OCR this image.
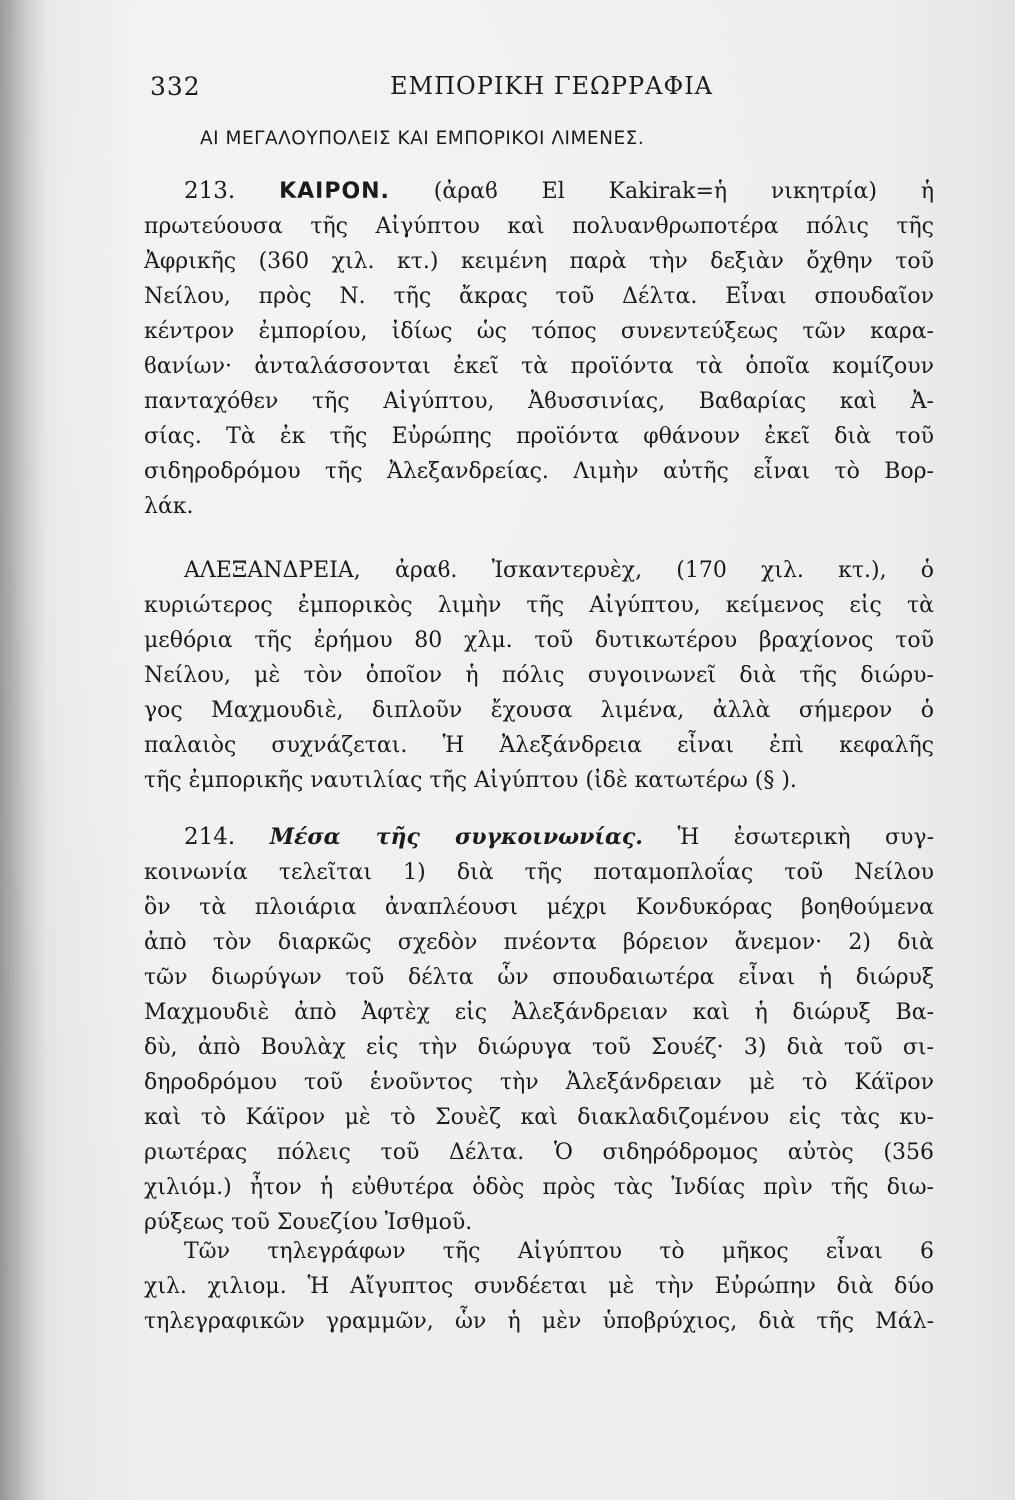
332	ΕΜΠΟΡΙΚΗ ΓΕΩΡΡΑΦΙΑ
ΑΙ ΜΕΓΑΛΟΥΠΟΛΕΙΣ ΚΑΙ ΕΜΠΟΡΙΚΟΙ ΛΙΜΕΝΕΣ.
213. ΚΑΙΡΟΝ. (ἀραϐ El Kakirak=ἡ νικητρία) ἡ
πρωτεύουσα τῆς Αἰγύπτου καὶ πολυανθρωποτέρα πόλις τῆς
Ἀφρικῆς (360 χιλ. κτ.) κειμένη παρὰ τὴν δεξιὰν ὄχθην τοῦ
Νείλου, πρὸς Ν. τῆς ἄκρας τοῦ Δέλτα. Εἶναι σπουδαῖον
κέντρον ἐμπορίου, ἰδίως ὡς τόπος συνεντεύξεως τῶν καρα-
ϐανίων· ἀνταλάσσονται ἐκεῖ τὰ προϊόντα τὰ ὁποῖα κομίζουν
πανταχόθεν τῆς Αἰγύπτου, Ἀϐυσσινίας, Βαϐαρίας καὶ Ἀ-
σίας. Τὰ ἐκ τῆς Εὐρώπης προϊόντα φθάνουν ἐκεῖ διὰ τοῦ
σιδηροδρόμου τῆς Ἀλεξανδρείας. Λιμὴν αὐτῆς εἶναι τὸ Βορ-
λάκ.
ΑΛΕΞΑΝΔΡΕΙΑ, ἀραϐ. Ἰσκαντερυὲχ, (170 χιλ. κτ.), ὁ
κυριώτερος ἐμπορικὸς λιμὴν τῆς Αἰγύπτου, κείμενος εἰς τὰ
μεθόρια τῆς ἐρήμου 80 χλμ. τοῦ δυτικωτέρου βραχίονος τοῦ
Νείλου, μὲ τὸν ὁποῖον ἡ πόλις συγοινωνεῖ διὰ τῆς διώρυ-
γος Μαχμουδιὲ, διπλοῦν ἔχουσα λιμένα, ἀλλὰ σήμερον ὁ
παλαιὸς συχνάζεται. Ἡ Ἀλεξάνδρεια εἶναι ἐπὶ κεφαλῆς
τῆς ἐμπορικῆς ναυτιλίας τῆς Αἰγύπτου (ἰδὲ κατωτέρω (§ ).
214. Μέσα τῆς συγκοινωνίας. Ἡ ἐσωτερικὴ συγ-
κοινωνία τελεῖται 1) διὰ τῆς ποταμοπλοΐας τοῦ Νείλου
ὃν τὰ πλοιάρια ἀναπλέουσι μέχρι Κονδυκόρας βοηθούμενα
ἀπὸ τὸν διαρκῶς σχεδὸν πνέοντα βόρειον ἄνεμον· 2) διὰ
τῶν διωρύγων τοῦ δέλτα ὧν σπουδαιωτέρα εἶναι ἡ διώρυξ
Μαχμουδιὲ ἀπὸ Ἀφτὲχ εἰς Ἀλεξάνδρειαν καὶ ἡ διώρυξ Βα-
δὺ, ἀπὸ Βουλὰχ εἰς τὴν διώρυγα τοῦ Σουέζ· 3) διὰ τοῦ σι-
δηροδρόμου τοῦ ἑνοῦντος τὴν Ἀλεξάνδρειαν μὲ τὸ Κάϊρον
καὶ τὸ Κάϊρον μὲ τὸ Σουὲζ καὶ διακλαδιζομένου εἰς τὰς κυ-
ριωτέρας πόλεις τοῦ Δέλτα. Ὁ σιδηρόδρομος αὐτὸς (356
χιλιόμ.) ἦτον ἡ εὐθυτέρα ὁδὸς πρὸς τὰς Ἰνδίας πρὶν τῆς διω-
ρύξεως τοῦ Σουεζίου Ἰσθμοῦ.
Τῶν τηλεγράφων τῆς Αἰγύπτου τὸ μῆκος εἶναι 6
χιλ. χιλιομ. Ἡ Αἴγυπτος συνδέεται μὲ τὴν Εὐρώπην διὰ δύο
τηλεγραφικῶν γραμμῶν, ὧν ἡ μὲν ὑποβρύχιος, διὰ τῆς Μάλ-
